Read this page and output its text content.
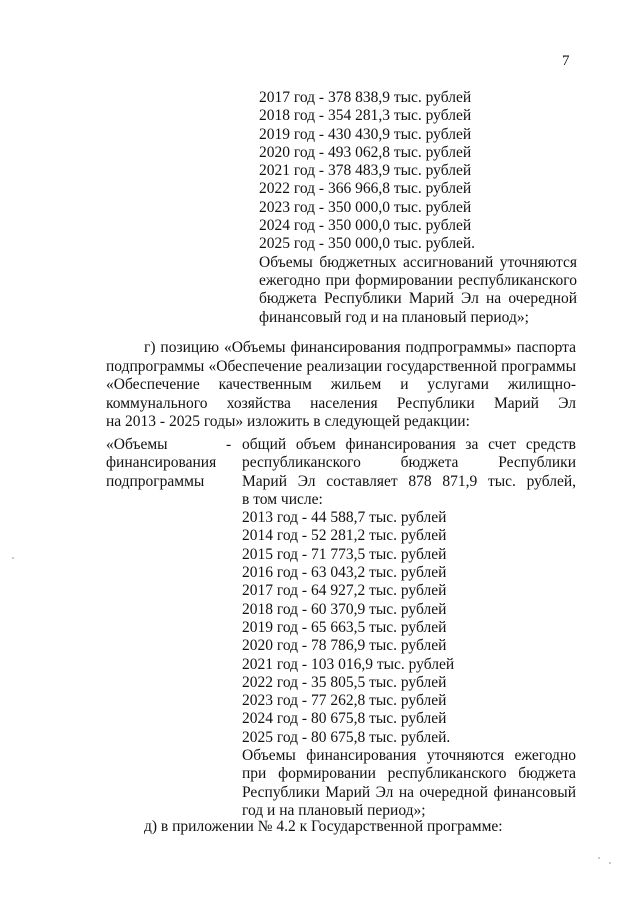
7
2017 год - 378 838,9 тыс. рублей
2018 год - 354 281,3 тыс. рублей
2019 год - 430 430,9 тыс. рублей
2020 год - 493 062,8 тыс. рублей
2021 год - 378 483,9 тыс. рублей
2022 год - 366 966,8 тыс. рублей
2023 год - 350 000,0 тыс. рублей
2024 год - 350 000,0 тыс. рублей
2025 год - 350 000,0 тыс. рублей.
Объемы бюджетных ассигнований уточняются
ежегодно при формировании республиканского
бюджета Республики Марий Эл на очередной
финансовый год и на плановый период»;
г) позицию «Объемы финансирования подпрограммы» паспорта
подпрограммы «Обеспечение реализации государственной программы
«Обеспечение качественным жильем и услугами жилищно-
коммунального хозяйства населения Республики Марий Эл
на 2013 - 2025 годы» изложить в следующей редакции:
«Объемы
финансирования
подпрограммы
- общий объем финансирования за счет средств
республиканского бюджета Республики
Марий Эл составляет 878 871,9 тыс. рублей,
в том числе:
2013 год - 44 588,7 тыс. рублей
2014 год - 52 281,2 тыс. рублей
2015 год - 71 773,5 тыс. рублей
2016 год - 63 043,2 тыс. рублей
2017 год - 64 927,2 тыс. рублей
2018 год - 60 370,9 тыс. рублей
2019 год - 65 663,5 тыс. рублей
2020 год - 78 786,9 тыс. рублей
2021 год - 103 016,9 тыс. рублей
2022 год - 35 805,5 тыс. рублей
2023 год - 77 262,8 тыс. рублей
2024 год - 80 675,8 тыс. рублей
2025 год - 80 675,8 тыс. рублей.
Объемы финансирования уточняются ежегодно
при формировании республиканского бюджета
Республики Марий Эл на очередной финансовый
год и на плановый период»;
д) в приложении № 4.2 к Государственной программе:
